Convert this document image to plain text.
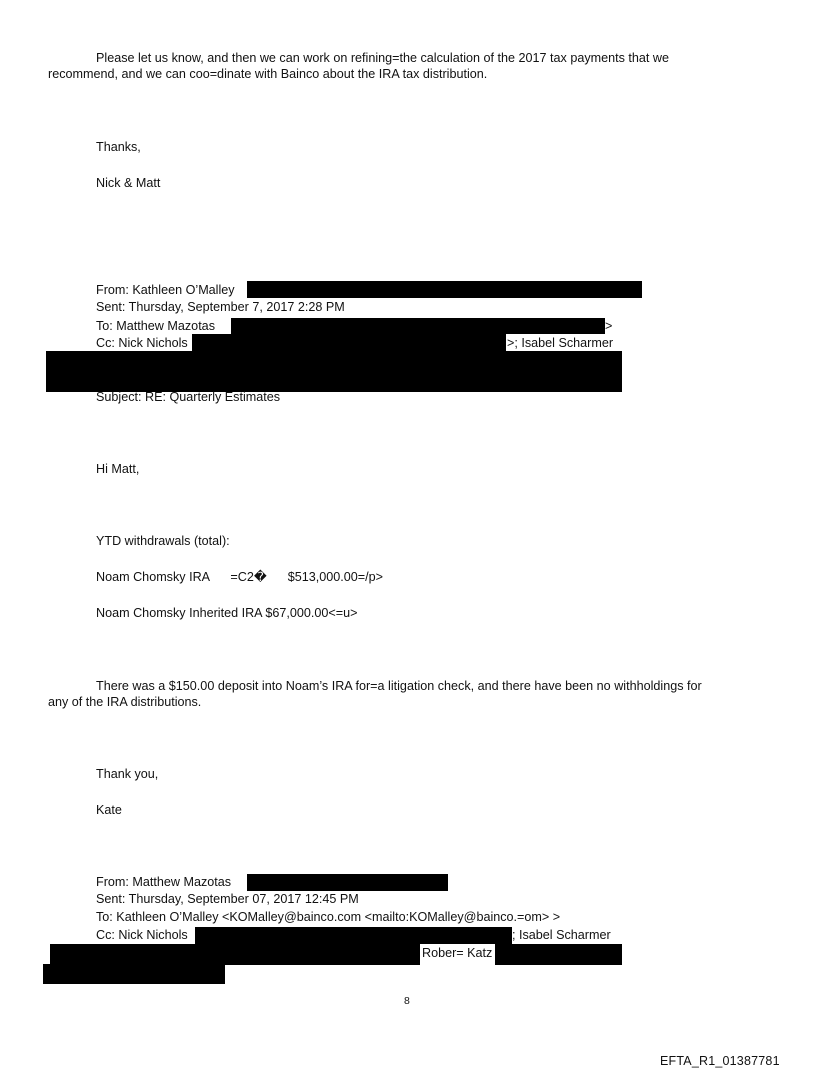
Please let us know, and then we can work on refining=the calculation of the 2017 tax payments that we
recommend, and we can coo=dinate with Bainco about the IRA tax distribution.
Thanks,
Nick & Matt
From: Kathleen O’Malley
Sent: Thursday, September 7, 2017 2:28 PM
To: Matthew Mazotas	>
Cc: Nick Nichols	>; Isabel Scharmer
Subject: RE: Quarterly Estimates
Hi Matt,
YTD withdrawals (total):
Noam Chomsky IRA      =C2�      $513,000.00=/p>
Noam Chomsky Inherited IRA $67,000.00<=u>
There was a $150.00 deposit into Noam’s IRA for=a litigation check, and there have been no withholdings for
any of the IRA distributions.
Thank you,
Kate
From: Matthew Mazotas
Sent: Thursday, September 07, 2017 12:45 PM
To: Kathleen O’Malley <KOMalley@bainco.com <mailto:KOMalley@bainco.=om> >
Cc: Nick Nichols	; Isabel Scharmer
Rober= Katz
8
EFTA_R1_01387781
